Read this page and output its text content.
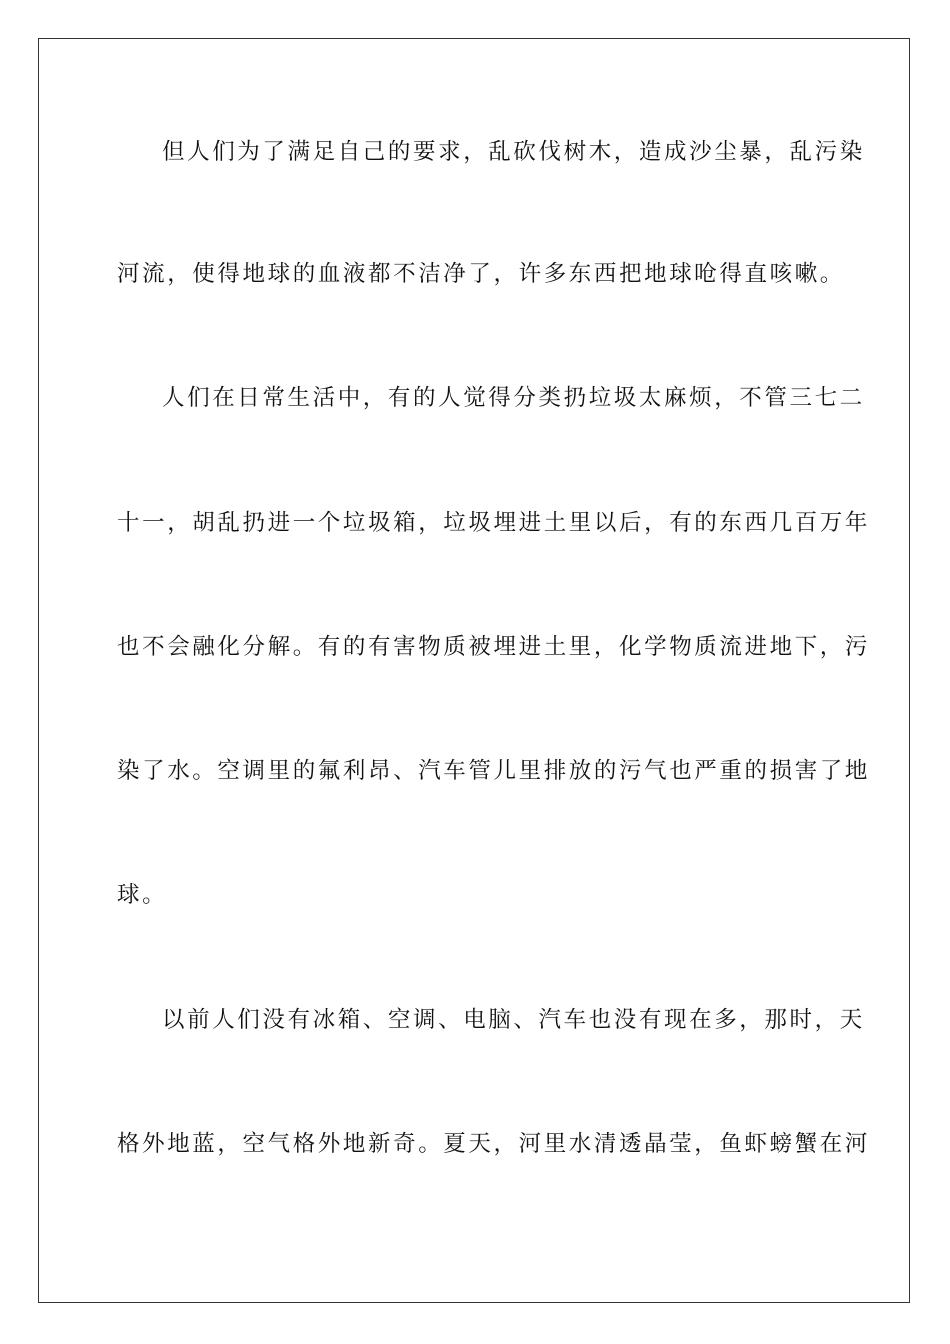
但人们为了满足自己的要求，乱砍伐树木，造成沙尘暴，乱污染
河流，使得地球的血液都不洁净了，许多东西把地球呛得直咳嗽。
人们在日常生活中，有的人觉得分类扔垃圾太麻烦，不管三七二
十一，胡乱扔进一个垃圾箱，垃圾埋进土里以后，有的东西几百万年
也不会融化分解。有的有害物质被埋进土里，化学物质流进地下，污
染了水。空调里的氟利昂、汽车管儿里排放的污气也严重的损害了地
球。
以前人们没有冰箱、空调、电脑、汽车也没有现在多，那时，天
格外地蓝，空气格外地新奇。夏天，河里水清透晶莹，鱼虾螃蟹在河
